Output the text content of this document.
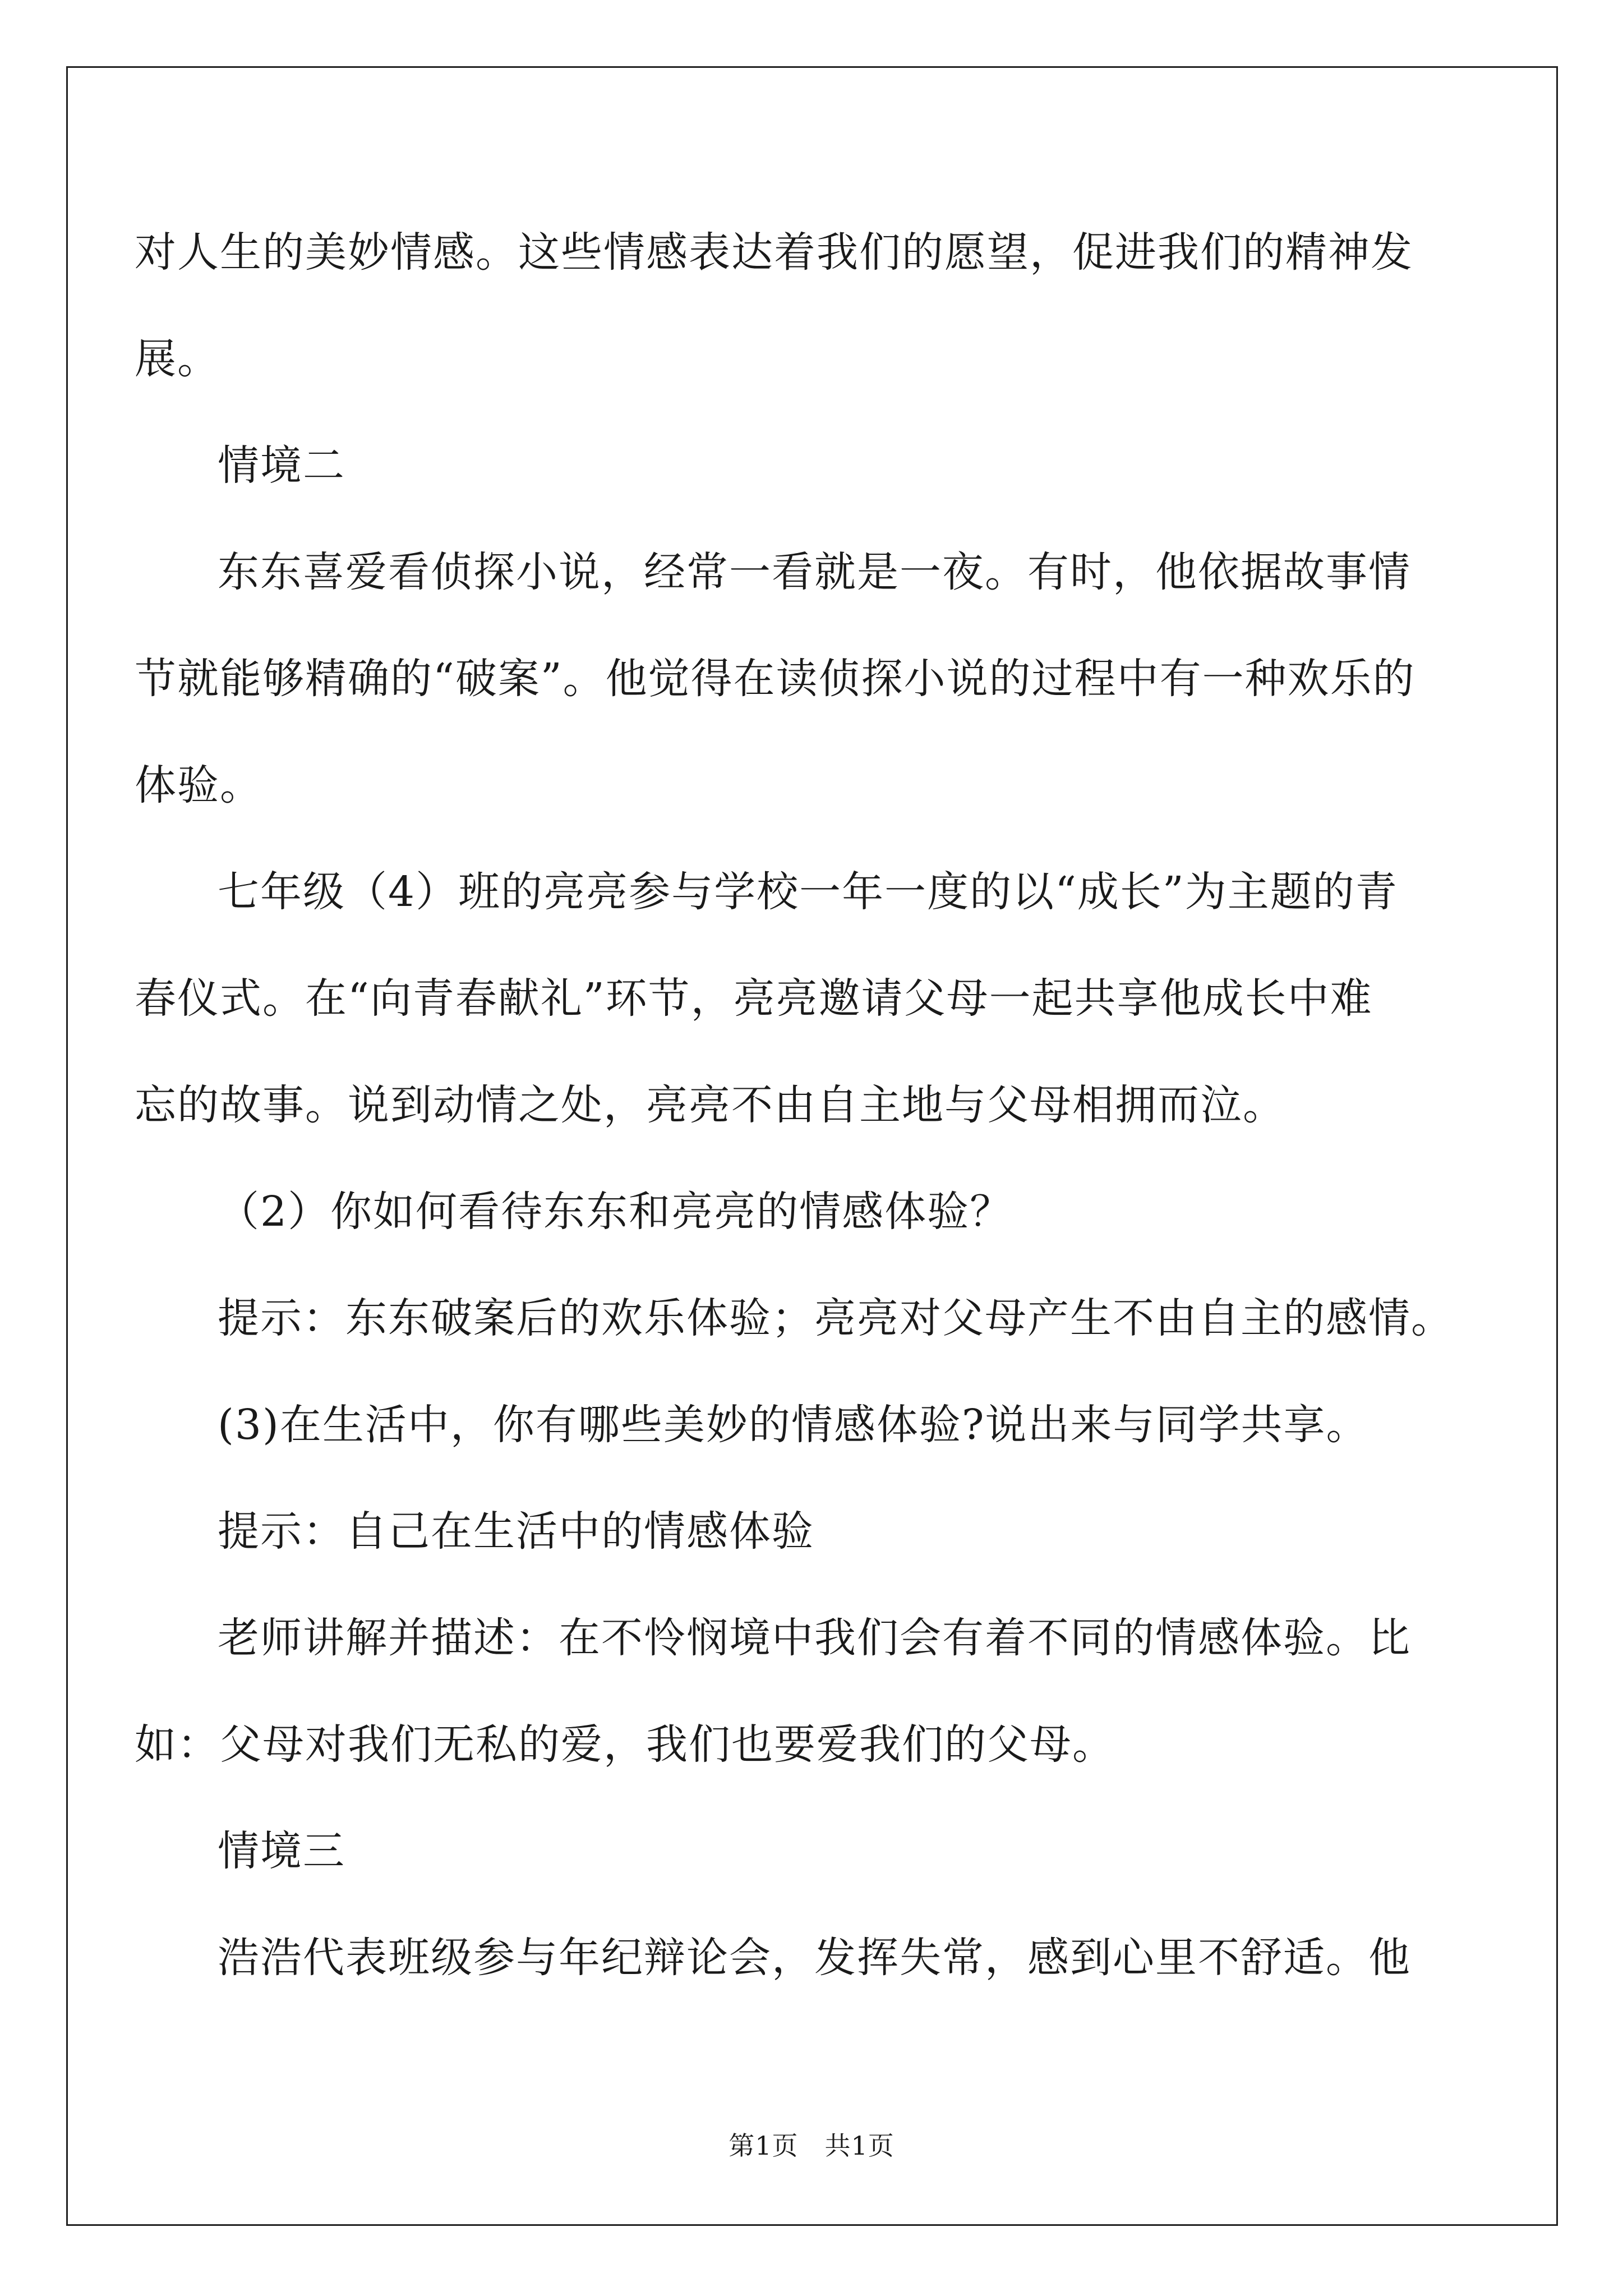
对人生的美妙情感。这些情感表达着我们的愿望，促进我们的精神发
展。
情境二
东东喜爱看侦探小说，经常一看就是一夜。有时，他依据故事情
节就能够精确的“破案”。他觉得在读侦探小说的过程中有一种欢乐的
体验。
七年级（4）班的亮亮参与学校一年一度的以“成长”为主题的青
春仪式。在“向青春献礼”环节，亮亮邀请父母一起共享他成长中难
忘的故事。说到动情之处，亮亮不由自主地与父母相拥而泣。
（2）你如何看待东东和亮亮的情感体验？
提示：东东破案后的欢乐体验；亮亮对父母产生不由自主的感情。
(3)在生活中，你有哪些美妙的情感体验?说出来与同学共享。
提示：自己在生活中的情感体验
老师讲解并描述：在不怜悯境中我们会有着不同的情感体验。比
如：父母对我们无私的爱，我们也要爱我们的父母。
情境三
浩浩代表班级参与年纪辩论会，发挥失常，感到心里不舒适。他
第1页　共1页
